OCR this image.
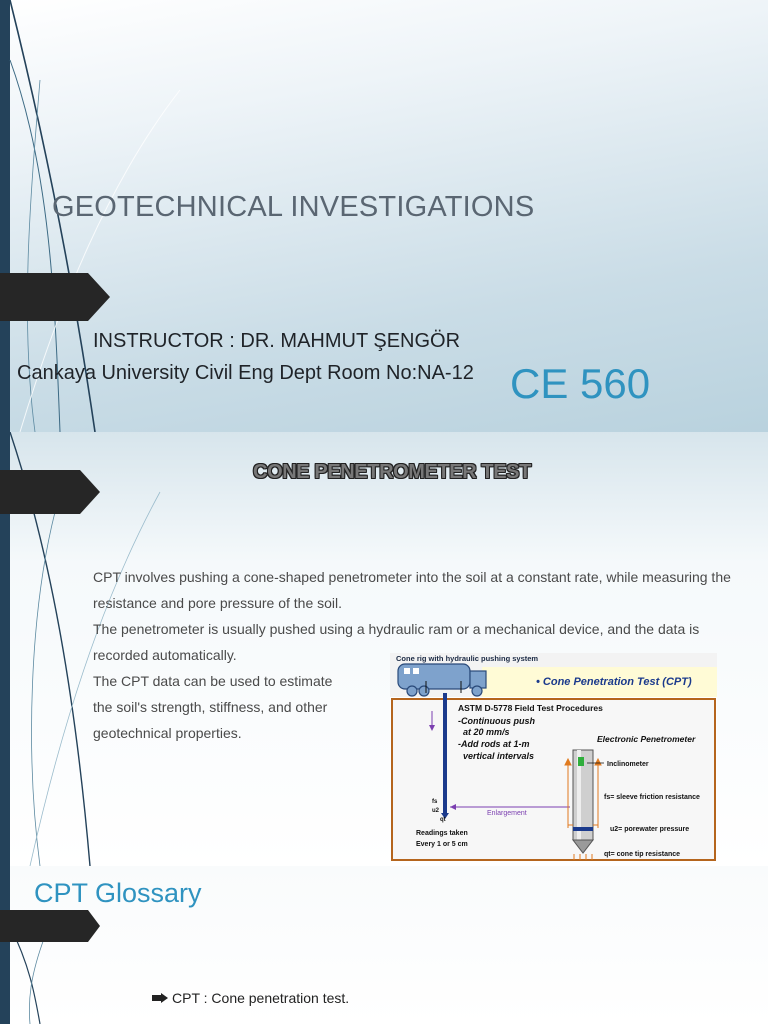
GEOTECHNICAL INVESTIGATIONS

INSTRUCTOR : DR. MAHMUT ŞENGÖR

Cankaya University Civil Eng Dept Room No:NA-12 CE 560

CONE PENETROMETER TEST

CPT involves pushing a cone-shaped penetrometer into the soil at a constant rate, while measuring the resistance and pore pressure of the soil.

The penetrometer is usually pushed using a hydraulic ram or a mechanical device, and the data is recorded automatically.

The CPT data can be used to estimate the soil's strength, stiffness, and other geotechnical properties.

Cone rig with hydraulic pushing system
• Cone Penetration Test (CPT)
fs
u2
qt
ASTM D-5778 Field Test Procedures
-Continuous push
at 20 mm/s
-Add rods at 1-m
vertical intervals
Electronic Penetrometer
Enlargement
Readings taken
Every 1 or 5 cm
Inclinometer
fs= sleeve friction resistance
u2= porewater pressure
qt= cone tip resistance
CPT Glossary
CPT : Cone penetration test.
